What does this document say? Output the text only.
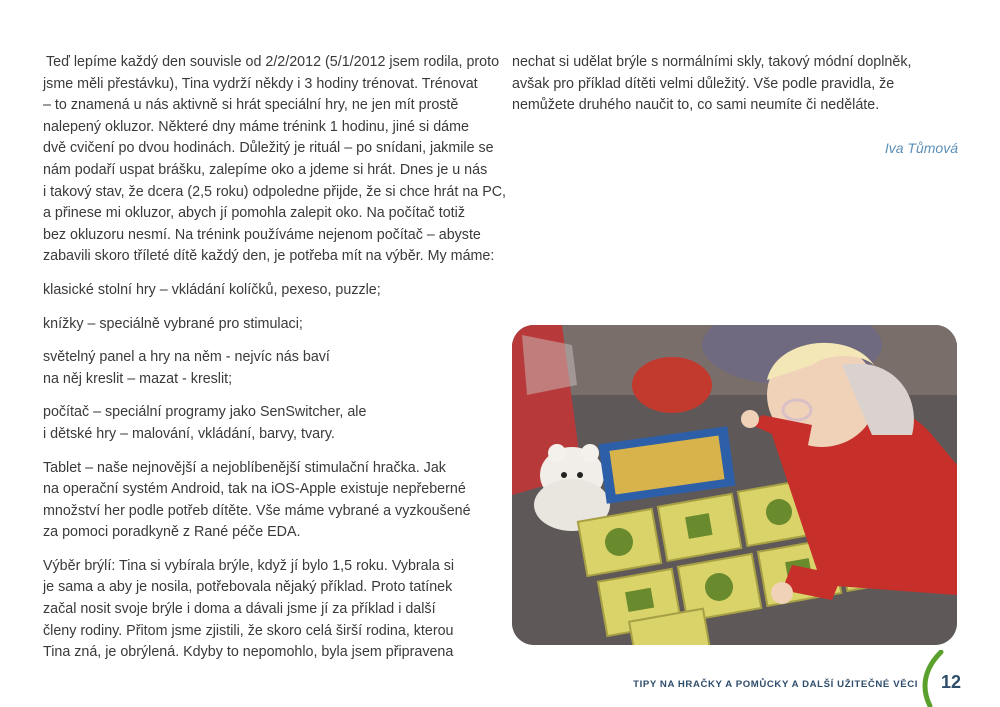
Teď lepíme každý den souvisle od 2/2/2012 (5/1/2012 jsem rodila, proto
jsme měli přestávku), Tina vydrží někdy i 3 hodiny trénovat. Trénovat
– to znamená u nás aktivně si hrát speciální hry, ne jen mít prostě
nalepený okluzor. Některé dny máme trénink 1 hodinu, jiné si dáme
dvě cvičení po dvou hodinách. Důležitý je rituál – po snídani, jakmile se
nám podaří uspat brášku, zalepíme oko a jdeme si hrát. Dnes je u nás
i takový stav, že dcera (2,5 roku) odpoledne přijde, že si chce hrát na PC,
a přinese mi okluzor, abych jí pomohla zalepit oko. Na počítač totiž
bez okluzoru nesmí. Na trénink používáme nejenom počítač – abyste
zabavili skoro tříleté dítě každý den, je potřeba mít na výběr. My máme:

klasické stolní hry – vkládání kolíčků, pexeso, puzzle;

knížky – speciálně vybrané pro stimulaci;

světelný panel a hry na něm - nejvíc nás baví
na něj kreslit – mazat - kreslit;

počítač – speciální programy jako SenSwitcher, ale
i dětské hry – malování, vkládání, barvy, tvary.

Tablet – naše nejnovější a nejoblíbenější stimulační hračka. Jak
na operační systém Android, tak na iOS-Apple existuje nepřeberné
množství her podle potřeb dítěte. Vše máme vybrané a vyzkoušené
za pomoci poradkyně z Rané péče EDA.

Výběr brýlí: Tina si vybírala brýle, když jí bylo 1,5 roku. Vybrala si
je sama a aby je nosila, potřebovala nějaký příklad. Proto tatínek
začal nosit svoje brýle i doma a dávali jsme jí za příklad i další
členy rodiny. Přitom jsme zjistili, že skoro celá širší rodina, kterou
Tina zná, je obrýlená. Kdyby to nepomohlo, byla jsem připravena

nechat si udělat brýle s normálními skly, takový módní doplněk,
avšak pro příklad dítěti velmi důležitý. Vše podle pravidla, že
nemůžete druhého naučit to, co sami neumíte či neděláte.

Iva Tůmová
TIPY NA HRAČKY A POMŮCKY A DALŠÍ UŽITEČNÉ VĚCI 12
